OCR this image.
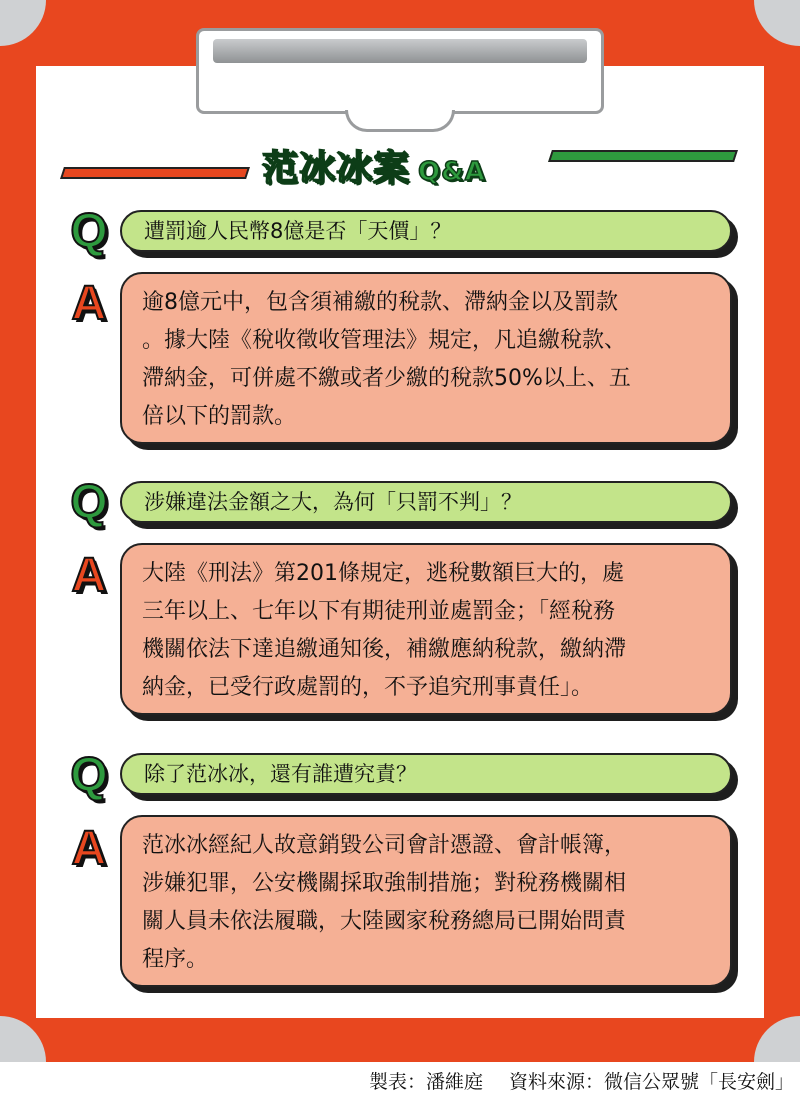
范冰冰案 Q&A
Q	遭罰逾人民幣8億是否「天價」？
A	逾8億元中，包含須補繳的稅款、滯納金以及罰款
。據大陸《稅收徵收管理法》規定，凡追繳稅款、
滯納金，可併處不繳或者少繳的稅款50%以上、五
倍以下的罰款。
Q	涉嫌違法金額之大，為何「只罰不判」？
A	大陸《刑法》第201條規定，逃稅數額巨大的，處
三年以上、七年以下有期徒刑並處罰金；「經稅務
機關依法下達追繳通知後，補繳應納稅款，繳納滯
納金，已受行政處罰的，不予追究刑事責任」。
Q	除了范冰冰，還有誰遭究責？
A	范冰冰經紀人故意銷毀公司會計憑證、會計帳簿，
涉嫌犯罪，公安機關採取強制措施；對稅務機關相
關人員未依法履職，大陸國家稅務總局已開始問責
程序。
製表：潘維庭 資料來源：微信公眾號「長安劍」
